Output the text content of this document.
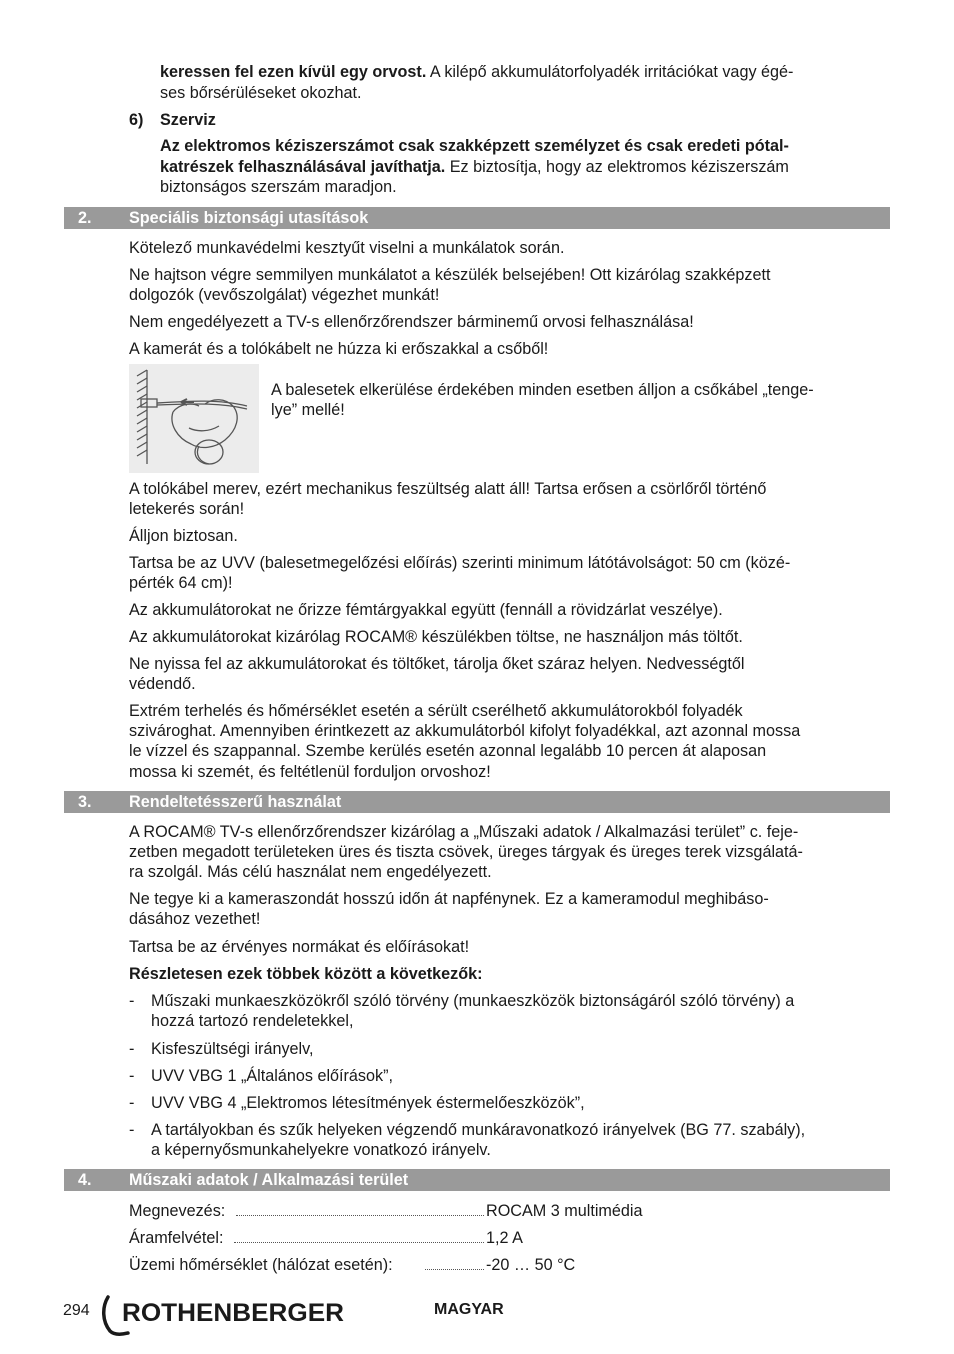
keressen fel ezen kívül egy orvost. A kilépő akkumulátorfolyadék irritációkat vagy égé-

ses bőrsérüléseket okozhat.

6) Szerviz

Az elektromos kéziszerszámot csak szakképzett személyzet és csak eredeti pótal-

katrészek felhasználásával javíthatja. Ez biztosítja, hogy az elektromos kéziszerszám

biztonságos szerszám maradjon.

2. Speciális biztonsági utasítások

Kötelező munkavédelmi kesztyűt viselni a munkálatok során.

Ne hajtson végre semmilyen munkálatot a készülék belsejében! Ott kizárólag szakképzett

dolgozók (vevőszolgálat) végezhet munkát!

Nem engedélyezett a TV-s ellenőrzőrendszer bárminemű orvosi felhasználása!

A kamerát és a tolókábelt ne húzza ki erőszakkal a csőből!

A balesetek elkerülése érdekében minden esetben álljon a csőkábel „tenge-

lye” mellé!

A tolókábel merev, ezért mechanikus feszültség alatt áll! Tartsa erősen a csörlőről történő

letekerés során!

Álljon biztosan.

Tartsa be az UVV (balesetmegelőzési előírás) szerinti minimum látótávolságot: 50 cm (közé-

pérték 64 cm)!

Az akkumulátorokat ne őrizze fémtárgyakkal együtt (fennáll a rövidzárlat veszélye).

Az akkumulátorokat kizárólag ROCAM® készülékben töltse, ne használjon más töltőt.

Ne nyissa fel az akkumulátorokat és töltőket, tárolja őket száraz helyen. Nedvességtől

védendő.

Extrém terhelés és hőmérséklet esetén a sérült cserélhető akkumulátorokból folyadék

szivároghat. Amennyiben érintkezett az akkumulátorból kifolyt folyadékkal, azt azonnal mossa

le vízzel és szappannal. Szembe kerülés esetén azonnal legalább 10 percen át alaposan

mossa ki szemét, és feltétlenül forduljon orvoshoz!

3. Rendeltetésszerű használat

A ROCAM® TV-s ellenőrzőrendszer kizárólag a „Műszaki adatok / Alkalmazási terület” c. feje-

zetben megadott területeken üres és tiszta csövek, üreges tárgyak és üreges terek vizsgálatá-

ra szolgál. Más célú használat nem engedélyezett.

Ne tegye ki a kameraszondát hosszú időn át napfénynek. Ez a kameramodul meghibáso-

dásához vezethet!

Tartsa be az érvényes normákat és előírásokat!

Részletesen ezek többek között a következők:

- Műszaki munkaeszközökről szóló törvény (munkaeszközök biztonságáról szóló törvény) a

hozzá tartozó rendeletekkel,

- Kisfeszültségi irányelv,

- UVV VBG 1 „Általános előírások”,

- UVV VBG 4 „Elektromos létesítmények éstermelőeszközök”,

- A tartályokban és szűk helyeken végzendő munkáravonatkozó irányelvek (BG 77. szabály),

a képernyősmunkahelyekre vonatkozó irányelv.

4. Műszaki adatok / Alkalmazási terület
Megnevezés:	ROCAM 3 multimédia
Áramfelvétel:	1,2 A
Üzemi hőmérséklet (hálózat esetén):	-20 … 50 °C
294 ROTHENBERGER	MAGYAR
